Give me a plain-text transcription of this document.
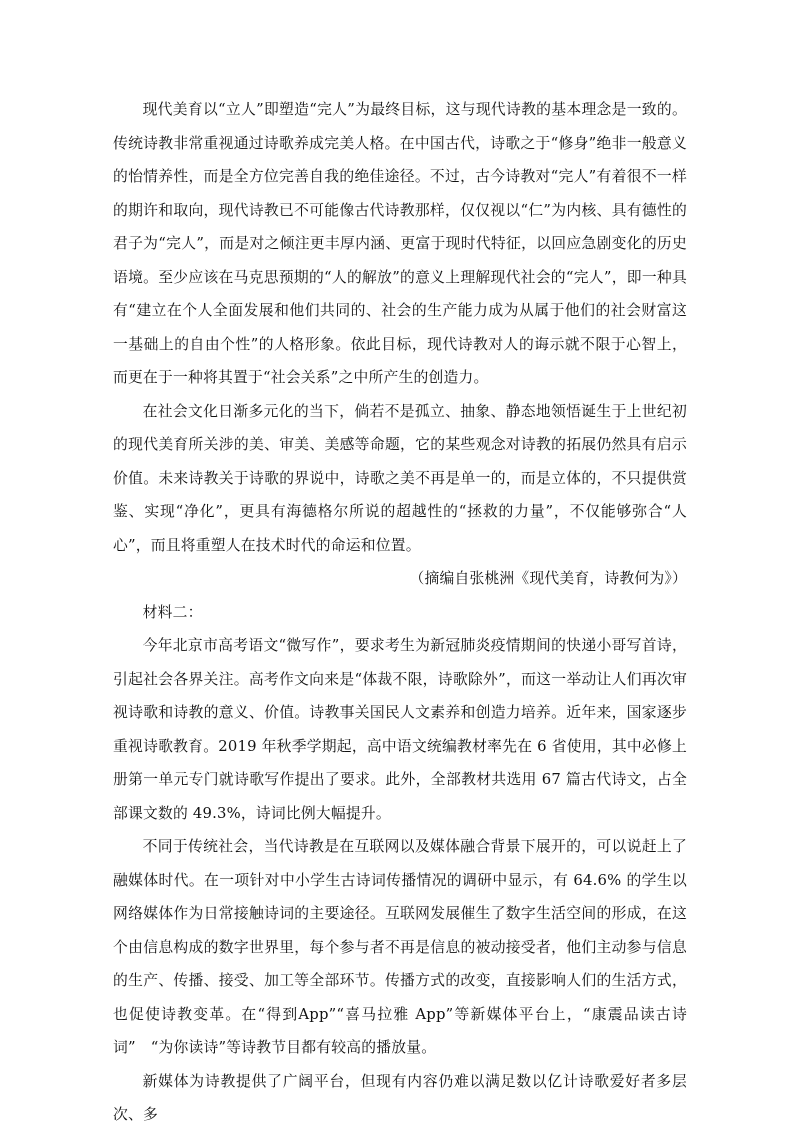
现代美育以“立人”即塑造“完人”为最终目标，这与现代诗教的基本理念是一致的。传统诗教非常重视通过诗歌养成完美人格。在中国古代，诗歌之于“修身”绝非一般意义的怡情养性，而是全方位完善自我的绝佳途径。不过，古今诗教对“完人”有着很不一样的期许和取向，现代诗教已不可能像古代诗教那样，仅仅视以“仁”为内核、具有德性的君子为“完人”，而是对之倾注更丰厚内涵、更富于现时代特征，以回应急剧变化的历史语境。至少应该在马克思预期的“人的解放”的意义上理解现代社会的“完人”，即一种具有“建立在个人全面发展和他们共同的、社会的生产能力成为从属于他们的社会财富这一基础上的自由个性”的人格形象。依此目标，现代诗教对人的诲示就不限于心智上，而更在于一种将其置于“社会关系”之中所产生的创造力。

在社会文化日渐多元化的当下，倘若不是孤立、抽象、静态地领悟诞生于上世纪初的现代美育所关涉的美、审美、美感等命题，它的某些观念对诗教的拓展仍然具有启示价值。未来诗教关于诗歌的界说中，诗歌之美不再是单一的，而是立体的，不只提供赏鉴、实现“净化”，更具有海德格尔所说的超越性的“拯救的力量”，不仅能够弥合“人心”，而且将重塑人在技术时代的命运和位置。

（摘编自张桃洲《现代美育，诗教何为》）

材料二：

今年北京市高考语文“微写作”，要求考生为新冠肺炎疫情期间的快递小哥写首诗，引起社会各界关注。高考作文向来是“体裁不限，诗歌除外”，而这一举动让人们再次审视诗歌和诗教的意义、价值。诗教事关国民人文素养和创造力培养。近年来，国家逐步重视诗歌教育。2019 年秋季学期起，高中语文统编教材率先在 6 省使用，其中必修上册第一单元专门就诗歌写作提出了要求。此外，全部教材共选用 67 篇古代诗文，占全部课文数的 49.3%，诗词比例大幅提升。

不同于传统社会，当代诗教是在互联网以及媒体融合背景下展开的，可以说赶上了融媒体时代。在一项针对中小学生古诗词传播情况的调研中显示，有 64.6% 的学生以网络媒体作为日常接触诗词的主要途径。互联网发展催生了数字生活空间的形成，在这个由信息构成的数字世界里，每个参与者不再是信息的被动接受者，他们主动参与信息的生产、传播、接受、加工等全部环节。传播方式的改变，直接影响人们的生活方式，也促使诗教变革。在“得到App”“喜马拉雅 App”等新媒体平台上，“康震品读古诗词”　“为你读诗”等诗教节目都有较高的播放量。

新媒体为诗教提供了广阔平台，但现有内容仍难以满足数以亿计诗歌爱好者多层次、多
